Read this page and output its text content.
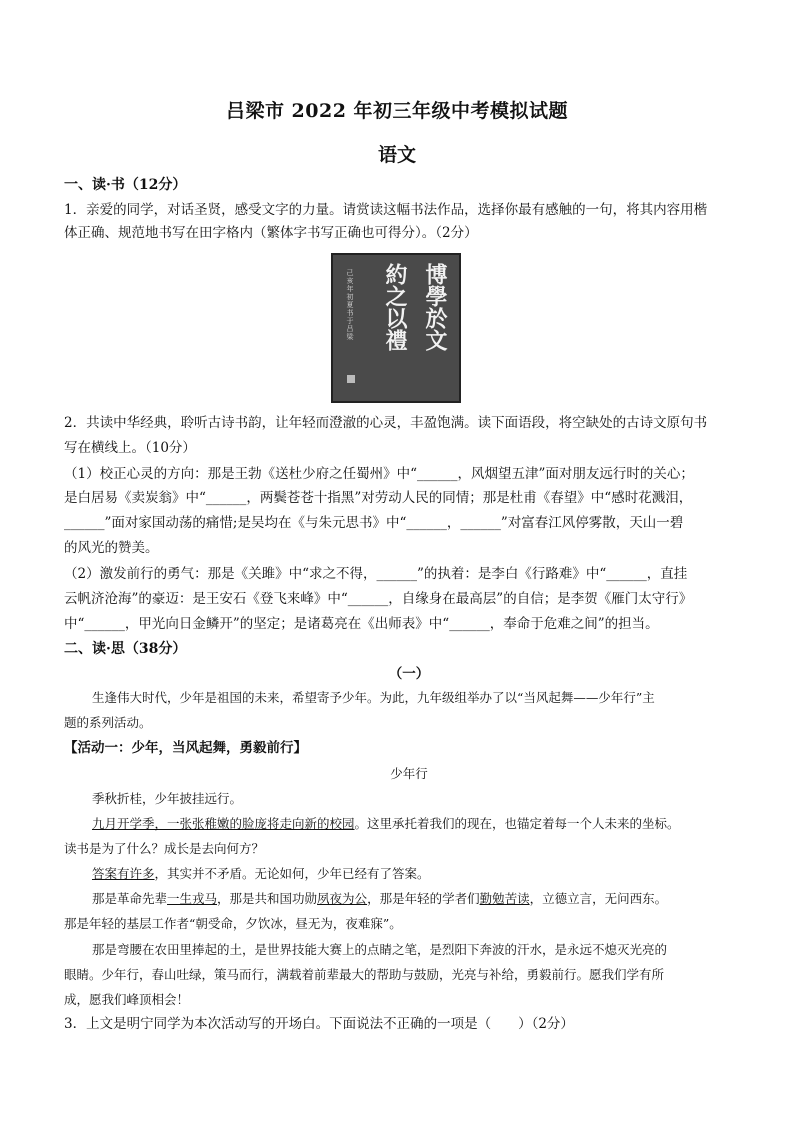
吕梁市 2022 年初三年级中考模拟试题
语文
一、读·书（12分）
1．亲爱的同学，对话圣贤，感受文字的力量。请赏读这幅书法作品，选择你最有感触的一句，将其内容用楷
体正确、规范地书写在田字格内（繁体字书写正确也可得分）。（2分）
博學於文
約之以禮
己亥年初夏书于吕梁
2．共读中华经典，聆听古诗书韵，让年轻而澄澈的心灵，丰盈饱满。读下面语段，将空缺处的古诗文原句书
写在横线上。（10分）
（1）校正心灵的方向：那是王勃《送杜少府之任蜀州》中“______，风烟望五津”面对朋友远行时的关心；
是白居易《卖炭翁》中“______，两鬓苍苍十指黑”对劳动人民的同情；那是杜甫《春望》中“感时花溅泪，
______”面对家国动荡的痛惜;是吴均在《与朱元思书》中“______，______”对富春江风停雾散，天山一碧
的风光的赞美。
（2）激发前行的勇气：那是《关雎》中“求之不得，______”的执着：是李白《行路难》中“______，直挂
云帆济沧海”的豪迈：是王安石《登飞来峰》中“______，自缘身在最高层”的自信；是李贺《雁门太守行》
中“______，甲光向日金鳞开”的坚定；是诸葛亮在《出师表》中“______，奉命于危难之间”的担当。
二、读·思（38分）
（一）
生逢伟大时代，少年是祖国的未来，希望寄予少年。为此，九年级组举办了以“当风起舞——少年行”主
题的系列活动。
【活动一：少年，当风起舞，勇毅前行】
少年行
季秋折桂，少年披挂远行。
九月开学季，一张张稚嫩的脸庞将走向新的校园。这里承托着我们的现在，也锚定着每一个人未来的坐标。
读书是为了什么？成长是去向何方？
答案有许多，其实并不矛盾。无论如何，少年已经有了答案。
那是革命先辈一生戎马，那是共和国功勋夙夜为公，那是年轻的学者们勤勉苦读，立德立言，无问西东。
那是年轻的基层工作者“朝受命，夕饮冰，昼无为，夜难寐”。
那是弯腰在农田里捧起的土，是世界技能大赛上的点睛之笔，是烈阳下奔波的汗水，是永远不熄灭光亮的
眼睛。少年行，春山吐绿，策马而行，满载着前辈最大的帮助与鼓励，光亮与补给，勇毅前行。愿我们学有所
成，愿我们峰顶相会！
3．上文是明宁同学为本次活动写的开场白。下面说法不正确的一项是（　　）（2分）
